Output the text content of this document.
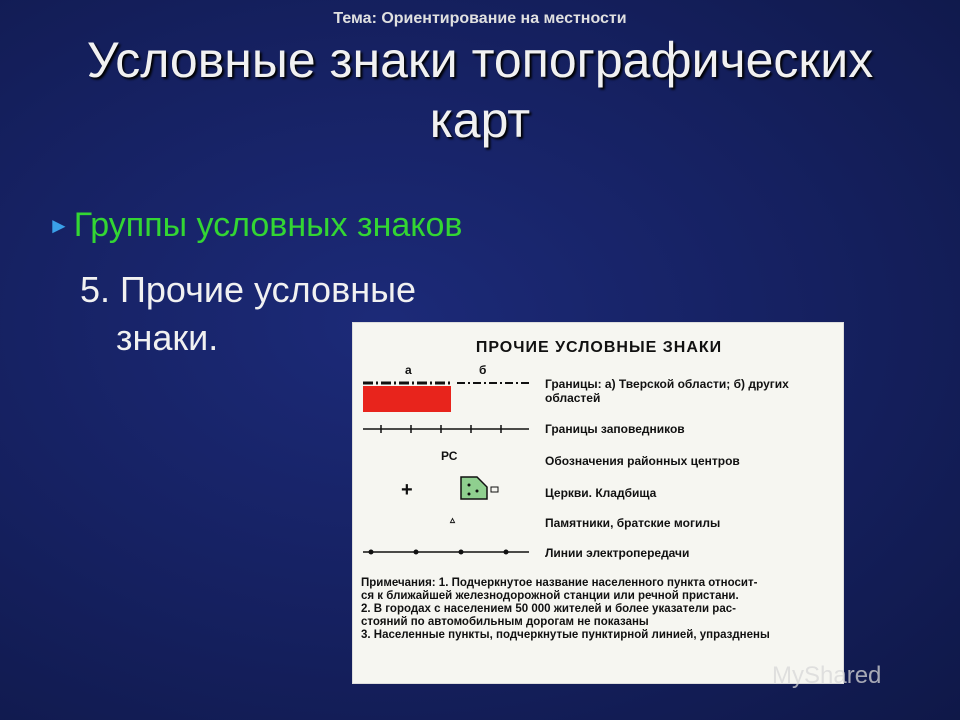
Тема: Ориентирование на местности
Условные знаки топографических карт
► Группы условных знаков
5. Прочие условные
знаки.	ПРОЧИЕ УСЛОВНЫЕ ЗНАКИ
а	б
Границы: а) Тверской области; б) других
областей
Границы заповедников
РС	Обозначения районных центров
+	Церкви. Кладбища
▵	Памятники, братские могилы
Линии электропередачи
Примечания: 1. Подчеркнутое название населенного пункта относит-
ся к ближайшей железнодорожной станции или речной пристани.
2. В городах с населением 50 000 жителей и более указатели рас-
стояний по автомобильным дорогам не показаны
3. Населенные пункты, подчеркнутые пунктирной линией, упразднены
MyShared
